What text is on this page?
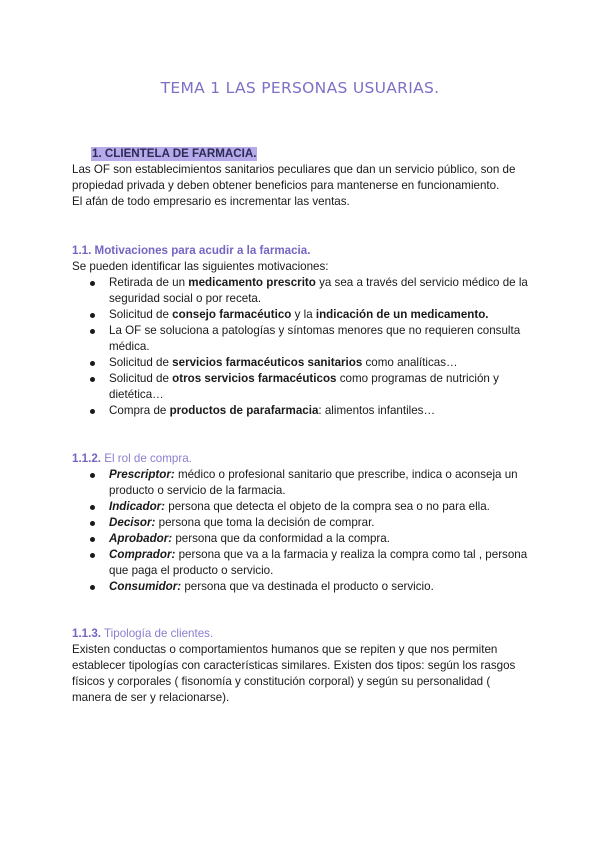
TEMA 1 LAS PERSONAS USUARIAS.
1. CLIENTELA DE FARMACIA.

Las OF son establecimientos sanitarios peculiares que dan un servicio público, son de propiedad privada y deben obtener beneficios para mantenerse en funcionamiento.

El afán de todo empresario es incrementar las ventas.

1.1. Motivaciones para acudir a la farmacia.

Se pueden identificar las siguientes motivaciones:

Retirada de un medicamento prescrito ya sea a través del servicio médico de la seguridad social o por receta.
Solicitud de consejo farmacéutico y la indicación de un medicamento.
La OF se soluciona a patologías y síntomas menores que no requieren consulta médica.
Solicitud de servicios farmacéuticos sanitarios como analíticas…
Solicitud de otros servicios farmacéuticos como programas de nutrición y dietética…
Compra de productos de parafarmacia: alimentos infantiles…

1.1.2. El rol de compra.

Prescriptor: médico o profesional sanitario que prescribe, indica o aconseja un producto o servicio de la farmacia.
Indicador: persona que detecta el objeto de la compra sea o no para ella.
Decisor: persona que toma la decisión de comprar.
Aprobador: persona que da conformidad a la compra.
Comprador: persona que va a la farmacia y realiza la compra como tal , persona que paga el producto o servicio.
Consumidor: persona que va destinada el producto o servicio.

1.1.3. Tipología de clientes.

Existen conductas o comportamientos humanos que se repiten y que nos permiten establecer tipologías con características similares. Existen dos tipos: según los rasgos físicos y corporales ( fisonomía y constitución corporal) y según su personalidad ( manera de ser y relacionarse).
